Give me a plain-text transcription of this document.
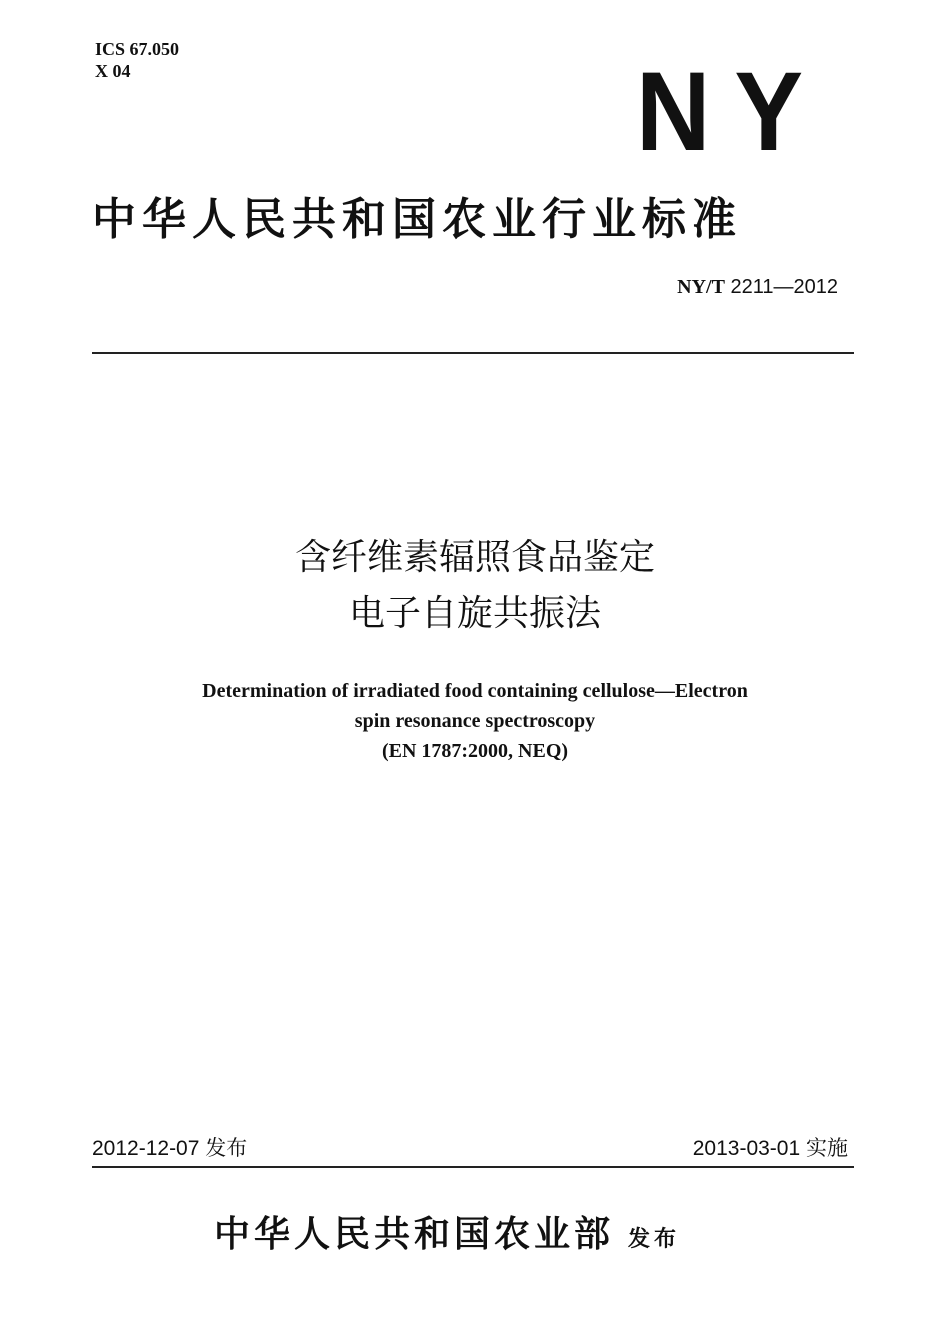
ICS 67.050
X 04	NY
中华人民共和国农业行业标准
NY/T 2211—2012
含纤维素辐照食品鉴定
电子自旋共振法
Determination of irradiated food containing cellulose—Electron
spin resonance spectroscopy
(EN 1787:2000, NEQ)
2012-12-07 发布	2013-03-01 实施
中华人民共和国农业部 发布
